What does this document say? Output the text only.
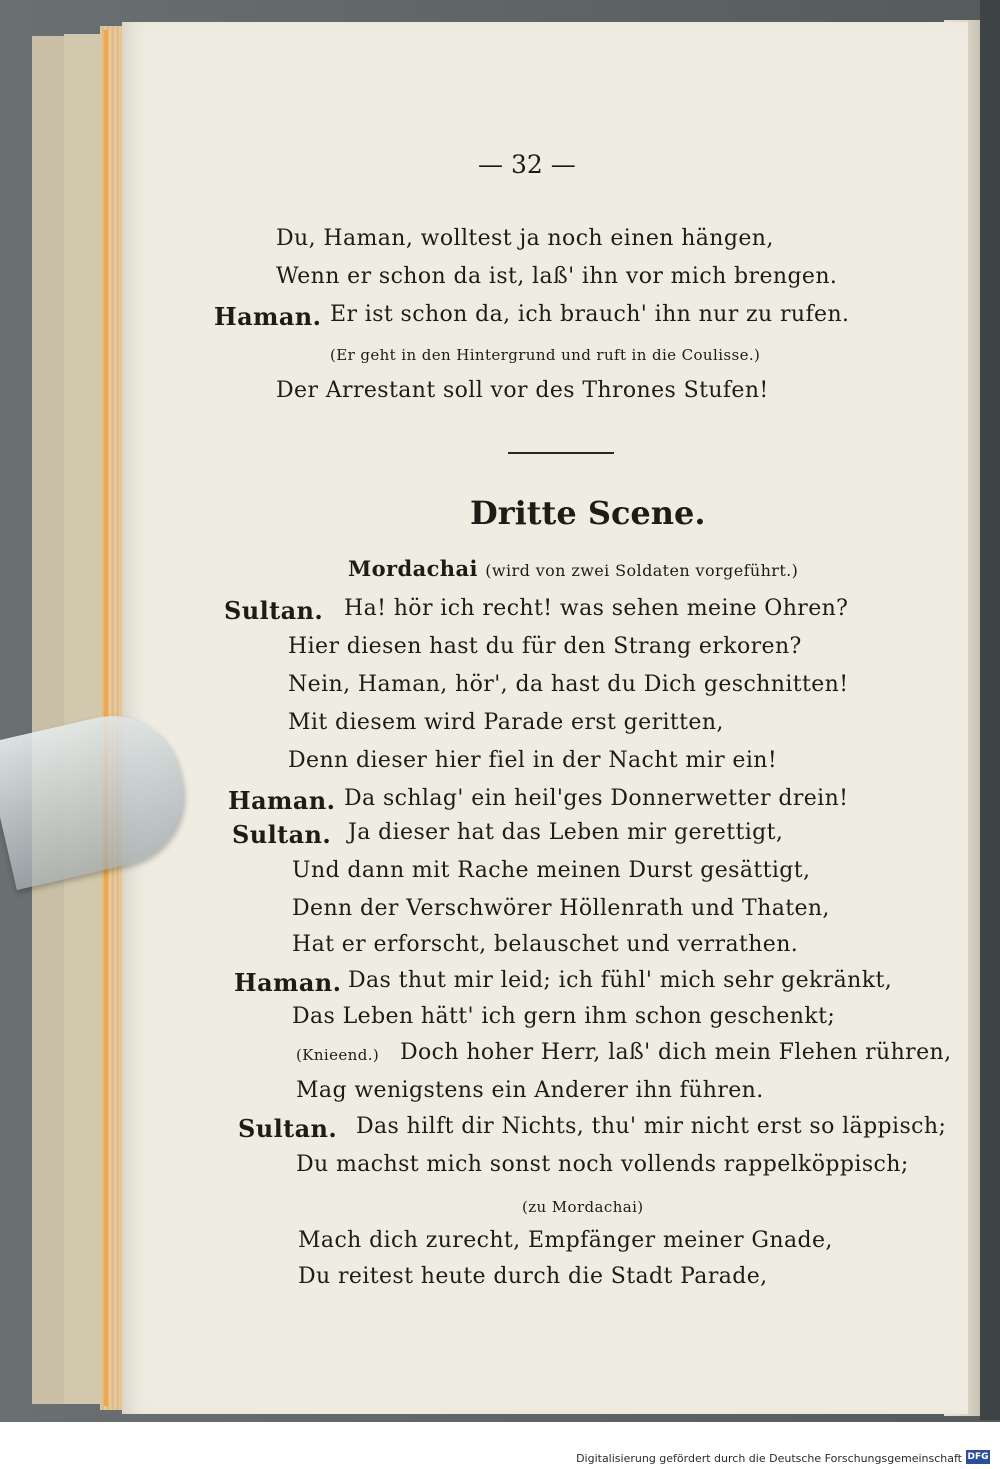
— 32 —
Du, Haman, wolltest ja noch einen hängen,
Wenn er schon da ist, laß' ihn vor mich brengen.
Haman. Er ist schon da, ich brauch' ihn nur zu rufen.
(Er geht in den Hintergrund und ruft in die Coulisse.)
Der Arrestant soll vor des Thrones Stufen!
Dritte Scene.
Mordachai (wird von zwei Soldaten vorgeführt.)
Sultan. Ha! hör ich recht! was sehen meine Ohren?
Hier diesen hast du für den Strang erkoren?
Nein, Haman, hör', da hast du Dich geschnitten!
Mit diesem wird Parade erst geritten,
Denn dieser hier fiel in der Nacht mir ein!
Haman. Da schlag' ein heil'ges Donnerwetter drein!
Sultan. Ja dieser hat das Leben mir gerettigt,
Und dann mit Rache meinen Durst gesättigt,
Denn der Verschwörer Höllenrath und Thaten,
Hat er erforscht, belauschet und verrathen.
Haman. Das thut mir leid; ich fühl' mich sehr gekränkt,
Das Leben hätt' ich gern ihm schon geschenkt;
(Knieend.) Doch hoher Herr, laß' dich mein Flehen rühren,
Mag wenigstens ein Anderer ihn führen.
Sultan. Das hilft dir Nichts, thu' mir nicht erst so läppisch;
Du machst mich sonst noch vollends rappelköppisch;
(zu Mordachai)
Mach dich zurecht, Empfänger meiner Gnade,
Du reitest heute durch die Stadt Parade,
Digitalisierung gefördert durch die Deutsche Forschungsgemeinschaft DFG
